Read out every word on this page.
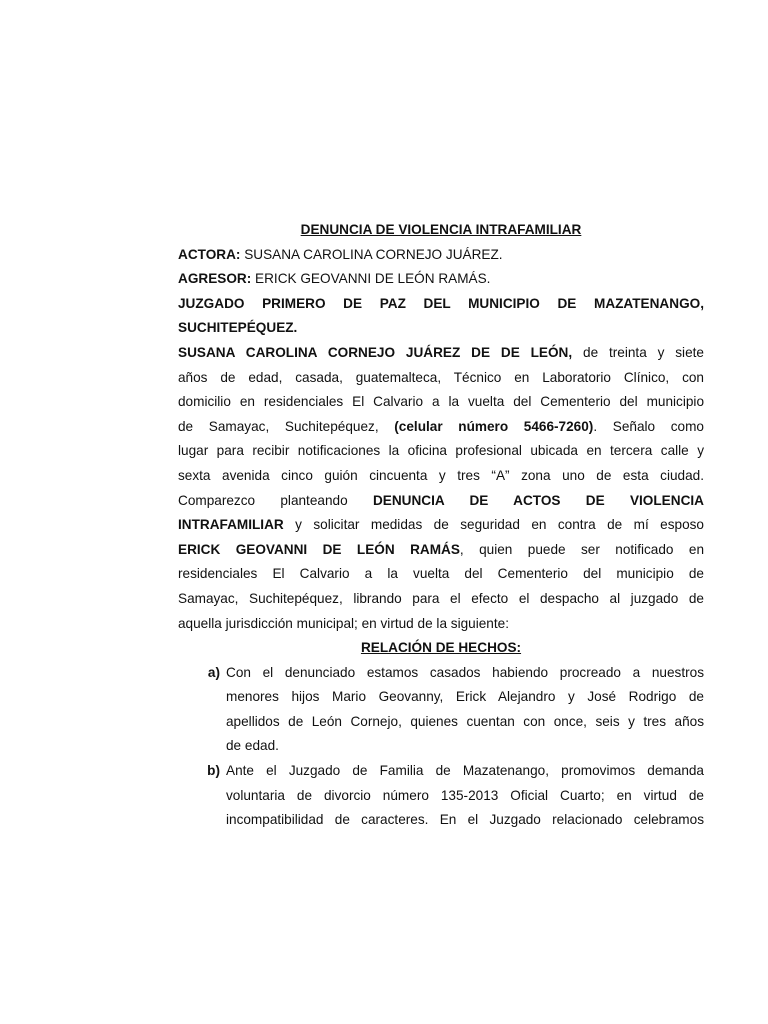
DENUNCIA DE VIOLENCIA INTRAFAMILIAR
ACTORA: SUSANA CAROLINA CORNEJO JUÁREZ.
AGRESOR: ERICK GEOVANNI DE LEÓN RAMÁS.
JUZGADO PRIMERO DE PAZ DEL MUNICIPIO DE MAZATENANGO,
SUCHITEPÉQUEZ.
SUSANA CAROLINA CORNEJO JUÁREZ DE DE LEÓN, de treinta y siete
años de edad, casada, guatemalteca, Técnico en Laboratorio Clínico, con
domicilio en residenciales El Calvario a la vuelta del Cementerio del municipio
de Samayac, Suchitepéquez, (celular número 5466-7260). Señalo como
lugar para recibir notificaciones la oficina profesional ubicada en tercera calle y
sexta avenida cinco guión cincuenta y tres “A” zona uno de esta ciudad.
Comparezco planteando DENUNCIA DE ACTOS DE VIOLENCIA
INTRAFAMILIAR y solicitar medidas de seguridad en contra de mí esposo
ERICK GEOVANNI DE LEÓN RAMÁS, quien puede ser notificado en
residenciales El Calvario a la vuelta del Cementerio del municipio de
Samayac, Suchitepéquez, librando para el efecto el despacho al juzgado de
aquella jurisdicción municipal; en virtud de la siguiente:
RELACIÓN DE HECHOS:
a) Con el denunciado estamos casados habiendo procreado a nuestros
menores hijos Mario Geovanny, Erick Alejandro y José Rodrigo de
apellidos de León Cornejo, quienes cuentan con once, seis y tres años
de edad.
b) Ante el Juzgado de Familia de Mazatenango, promovimos demanda
voluntaria de divorcio número 135-2013 Oficial Cuarto; en virtud de
incompatibilidad de caracteres. En el Juzgado relacionado celebramos
